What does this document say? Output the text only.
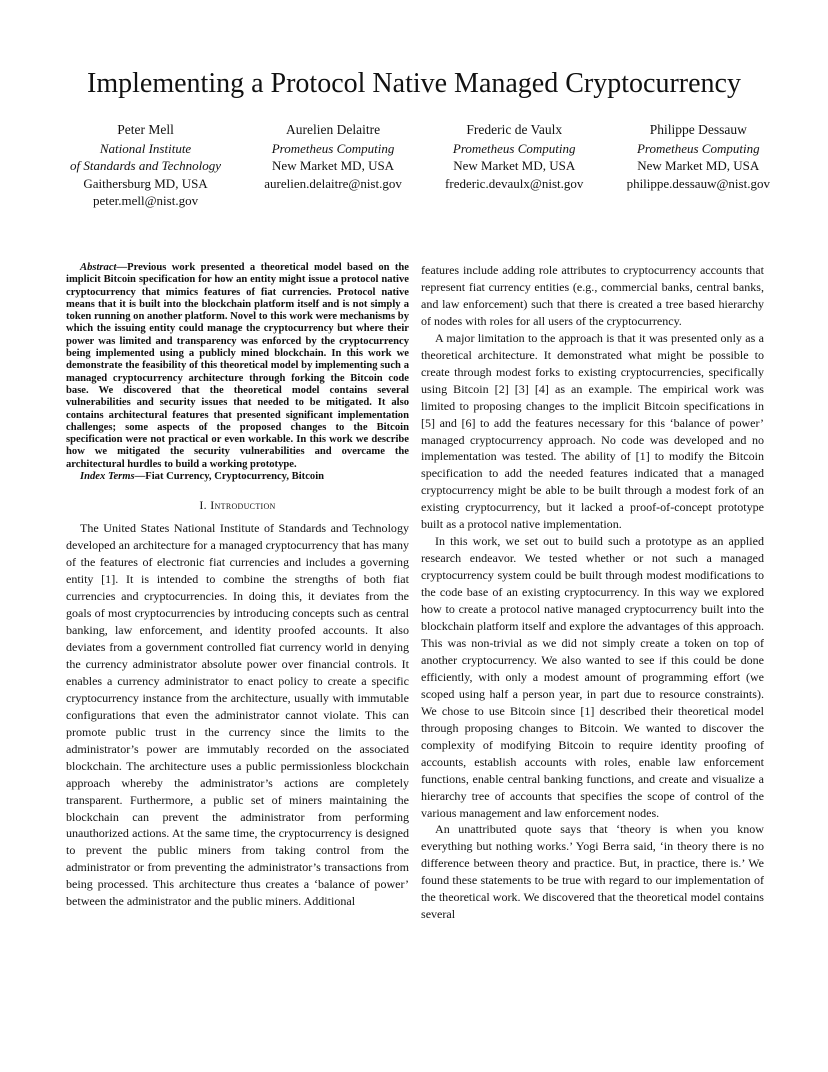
Implementing a Protocol Native Managed Cryptocurrency
Peter Mell
National Institute
of Standards and Technology
Gaithersburg MD, USA
peter.mell@nist.gov
Aurelien Delaitre
Prometheus Computing
New Market MD, USA
aurelien.delaitre@nist.gov
Frederic de Vaulx
Prometheus Computing
New Market MD, USA
frederic.devaulx@nist.gov
Philippe Dessauw
Prometheus Computing
New Market MD, USA
philippe.dessauw@nist.gov

Abstract—Previous work presented a theoretical model based on the implicit Bitcoin specification for how an entity might issue a protocol native cryptocurrency that mimics features of fiat currencies. Protocol native means that it is built into the blockchain platform itself and is not simply a token running on another platform. Novel to this work were mechanisms by which the issuing entity could manage the cryptocurrency but where their power was limited and transparency was enforced by the cryptocurrency being implemented using a publicly mined blockchain. In this work we demonstrate the feasibility of this theoretical model by implementing such a managed cryptocurrency architecture through forking the Bitcoin code base. We discovered that the theoretical model contains several vulnerabilities and security issues that needed to be mitigated. It also contains architectural features that presented significant implementation challenges; some aspects of the proposed changes to the Bitcoin specification were not practical or even workable. In this work we describe how we mitigated the security vulnerabilities and overcame the architectural hurdles to build a working prototype.

Index Terms—Fiat Currency, Cryptocurrency, Bitcoin

I. Introduction

The United States National Institute of Standards and Technology developed an architecture for a managed cryptocurrency that has many of the features of electronic fiat currencies and includes a governing entity [1]. It is intended to combine the strengths of both fiat currencies and cryptocurrencies. In doing this, it deviates from the goals of most cryptocurrencies by introducing concepts such as central banking, law enforcement, and identity proofed accounts. It also deviates from a government controlled fiat currency world in denying the currency administrator absolute power over financial controls. It enables a currency administrator to enact policy to create a specific cryptocurrency instance from the architecture, usually with immutable configurations that even the administrator cannot violate. This can promote public trust in the currency since the limits to the administrator’s power are immutably recorded on the associated blockchain. The architecture uses a public permissionless blockchain approach whereby the administrator’s actions are completely transparent. Furthermore, a public set of miners maintaining the blockchain can prevent the administrator from performing unauthorized actions. At the same time, the cryptocurrency is designed to prevent the public miners from taking control from the administrator or from preventing the administrator’s transactions from being processed. This architecture thus creates a ‘balance of power’ between the administrator and the public miners. Additional

features include adding role attributes to cryptocurrency accounts that represent fiat currency entities (e.g., commercial banks, central banks, and law enforcement) such that there is created a tree based hierarchy of nodes with roles for all users of the cryptocurrency.

A major limitation to the approach is that it was presented only as a theoretical architecture. It demonstrated what might be possible to create through modest forks to existing cryptocurrencies, specifically using Bitcoin [2] [3] [4] as an example. The empirical work was limited to proposing changes to the implicit Bitcoin specifications in [5] and [6] to add the features necessary for this ‘balance of power’ managed cryptocurrency approach. No code was developed and no implementation was tested. The ability of [1] to modify the Bitcoin specification to add the needed features indicated that a managed cryptocurrency might be able to be built through a modest fork of an existing cryptocurrency, but it lacked a proof-of-concept prototype built as a protocol native implementation.

In this work, we set out to build such a prototype as an applied research endeavor. We tested whether or not such a managed cryptocurrency system could be built through modest modifications to the code base of an existing cryptocurrency. In this way we explored how to create a protocol native managed cryptocurrency built into the blockchain platform itself and explore the advantages of this approach. This was non-trivial as we did not simply create a token on top of another cryptocurrency. We also wanted to see if this could be done efficiently, with only a modest amount of programming effort (we scoped using half a person year, in part due to resource constraints). We chose to use Bitcoin since [1] described their theoretical model through proposing changes to Bitcoin. We wanted to discover the complexity of modifying Bitcoin to require identity proofing of accounts, establish accounts with roles, enable law enforcement functions, enable central banking functions, and create and visualize a hierarchy tree of accounts that specifies the scope of control of the various management and law enforcement nodes.

An unattributed quote says that ‘theory is when you know everything but nothing works.’ Yogi Berra said, ‘in theory there is no difference between theory and practice. But, in practice, there is.’ We found these statements to be true with regard to our implementation of the theoretical work. We discovered that the theoretical model contains several
